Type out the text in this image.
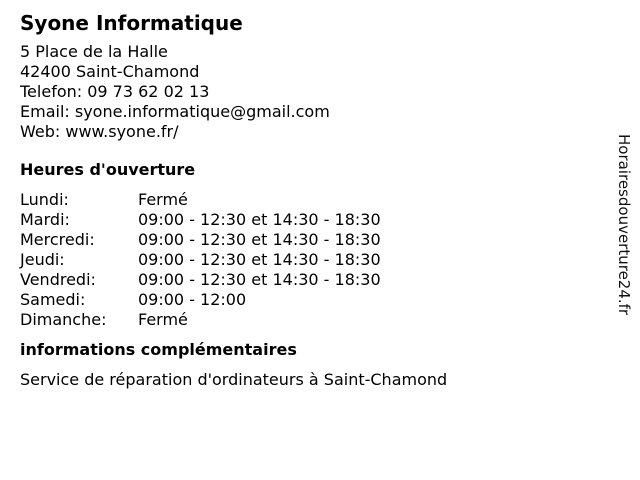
Syone Informatique
5 Place de la Halle
42400 Saint-Chamond
Telefon: 09 73 62 02 13
Email: syone.informatique@gmail.com
Web: www.syone.fr/
Heures d'ouverture
Lundi:	Fermé
Mardi:	09:00 - 12:30 et 14:30 - 18:30
Mercredi:	09:00 - 12:30 et 14:30 - 18:30
Jeudi:	09:00 - 12:30 et 14:30 - 18:30
Vendredi:	09:00 - 12:30 et 14:30 - 18:30
Samedi:	09:00 - 12:00
Dimanche:	Fermé
informations complémentaires
Service de réparation d'ordinateurs à Saint-Chamond
Horairesdouverture24.fr
